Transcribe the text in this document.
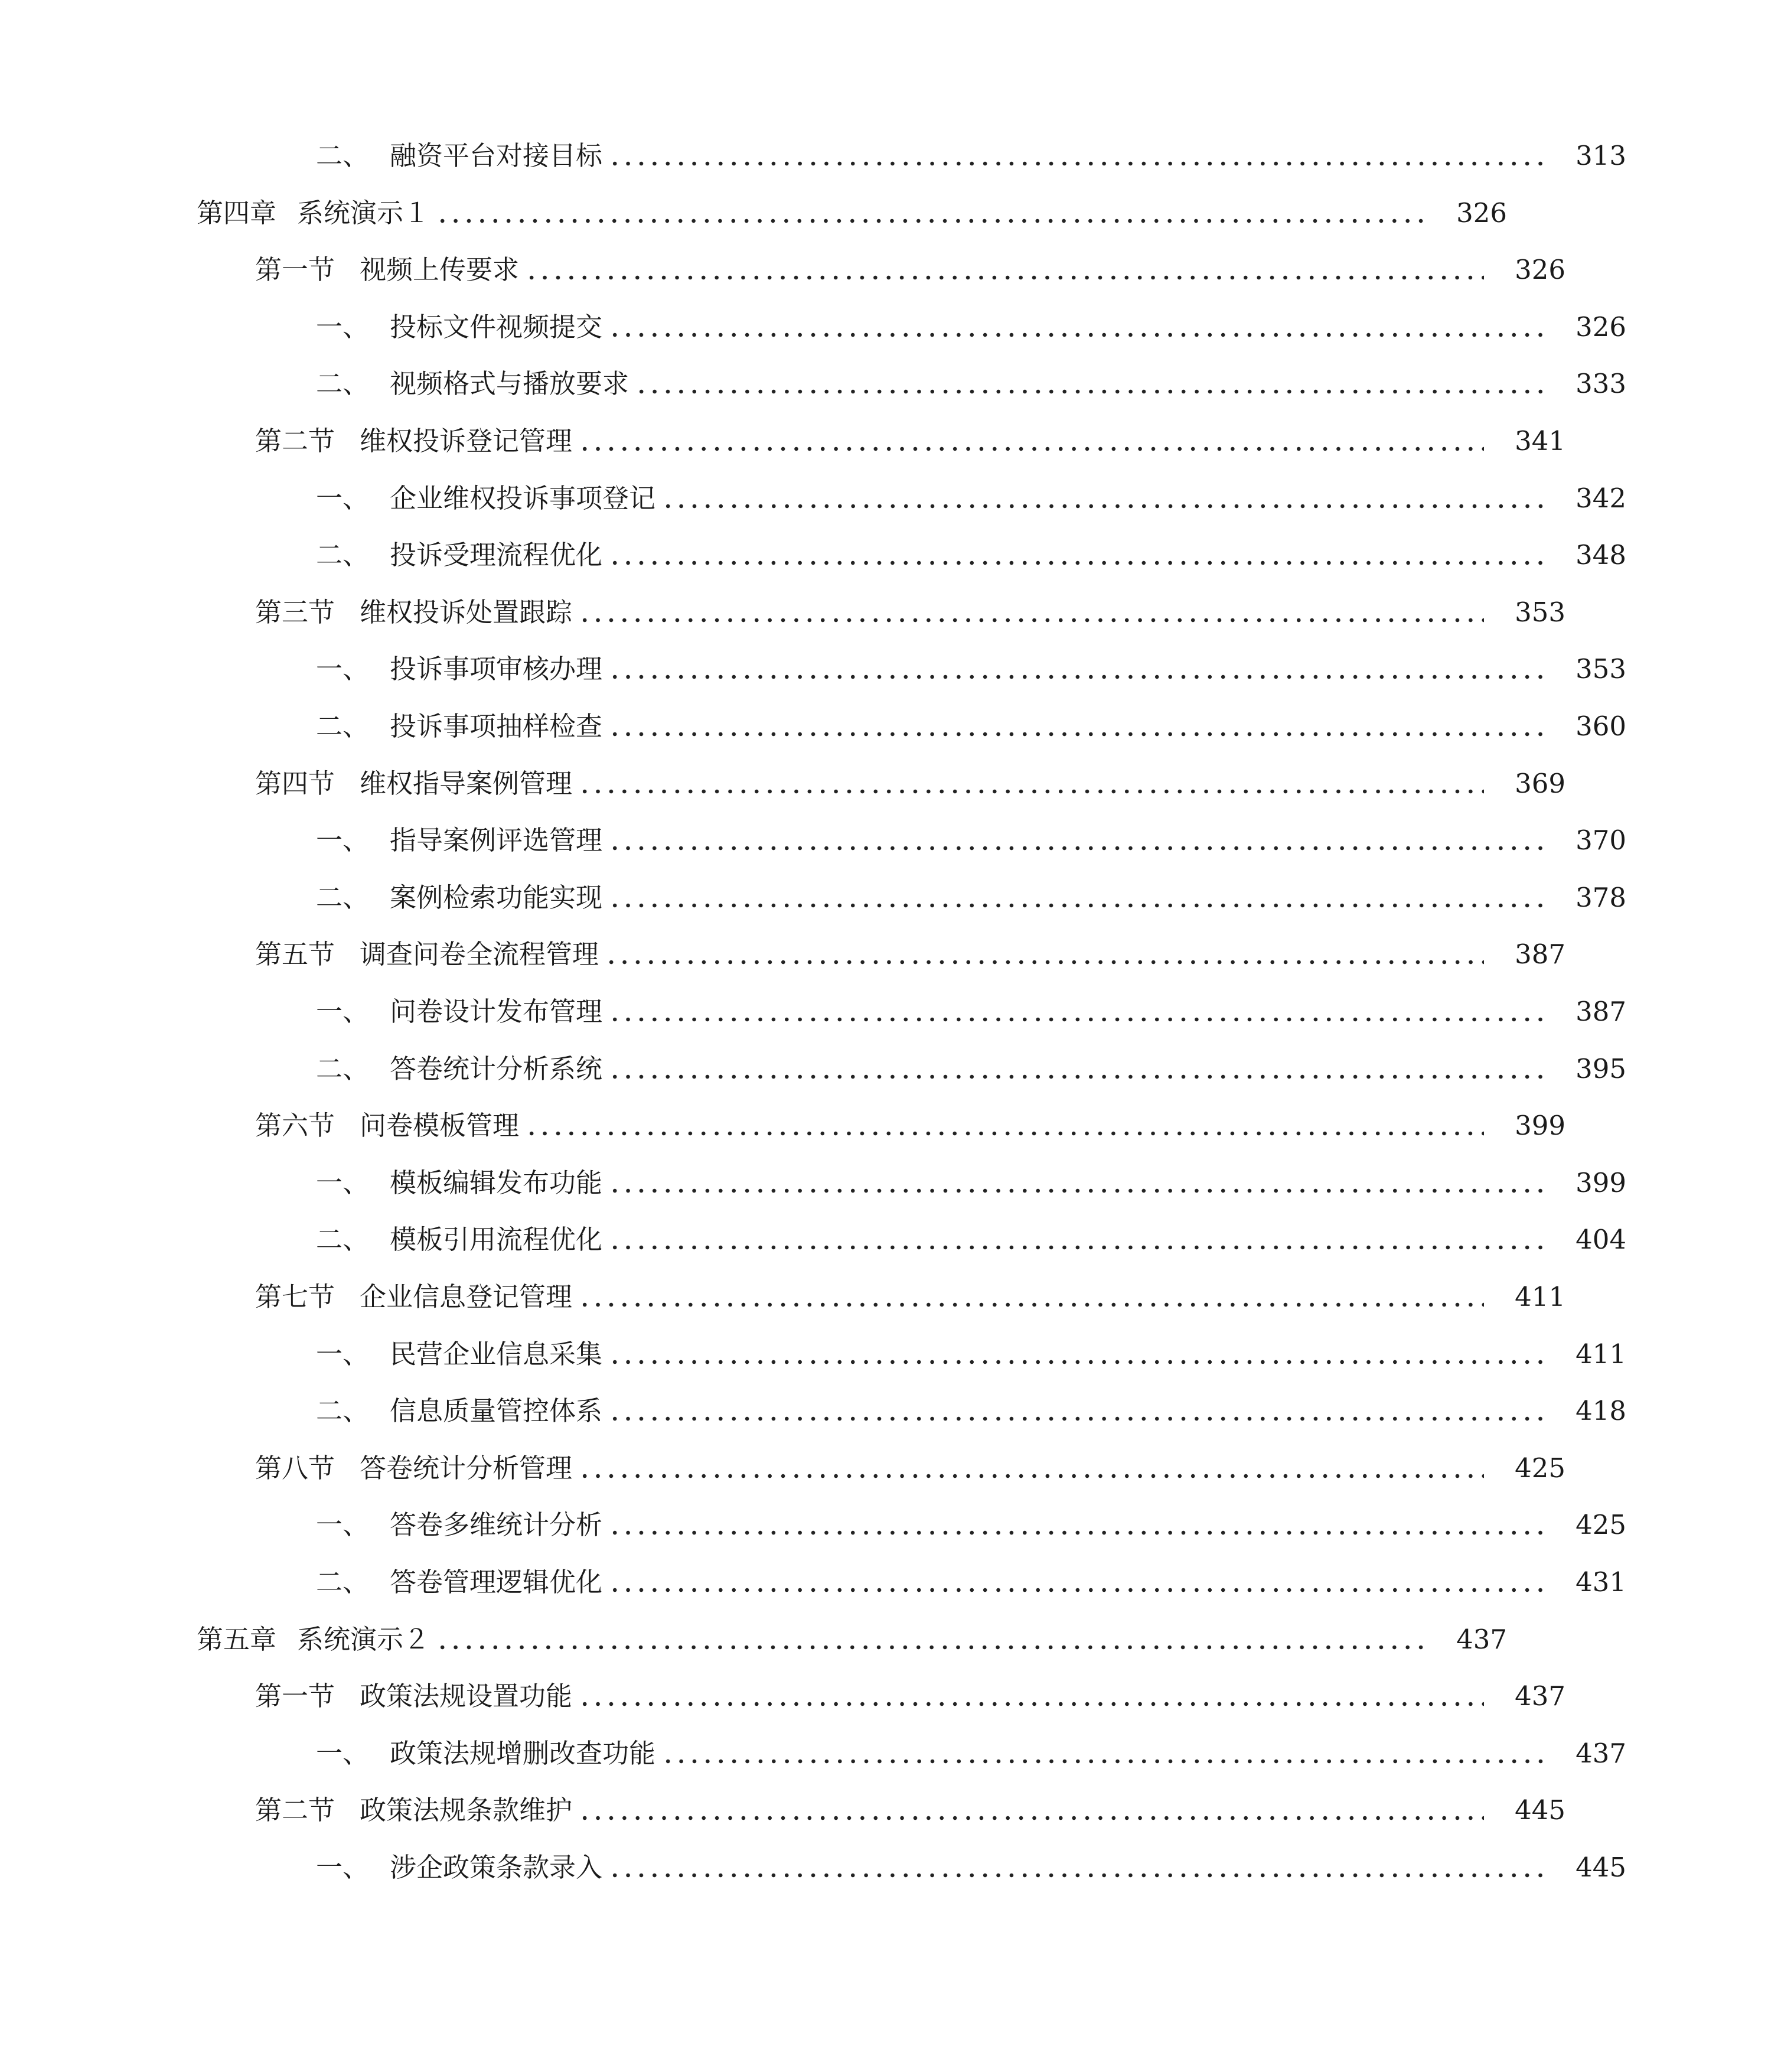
二、 融资平台对接目标	313
第四章 系统演示１	326
第一节 视频上传要求	326
一、 投标文件视频提交	326
二、 视频格式与播放要求	333
第二节 维权投诉登记管理	341
一、 企业维权投诉事项登记	342
二、 投诉受理流程优化	348
第三节 维权投诉处置跟踪	353
一、 投诉事项审核办理	353
二、 投诉事项抽样检查	360
第四节 维权指导案例管理	369
一、 指导案例评选管理	370
二、 案例检索功能实现	378
第五节 调查问卷全流程管理	387
一、 问卷设计发布管理	387
二、 答卷统计分析系统	395
第六节 问卷模板管理	399
一、 模板编辑发布功能	399
二、 模板引用流程优化	404
第七节 企业信息登记管理	411
一、 民营企业信息采集	411
二、 信息质量管控体系	418
第八节 答卷统计分析管理	425
一、 答卷多维统计分析	425
二、 答卷管理逻辑优化	431
第五章 系统演示２	437
第一节 政策法规设置功能	437
一、 政策法规增删改查功能	437
第二节 政策法规条款维护	445
一、 涉企政策条款录入	445
